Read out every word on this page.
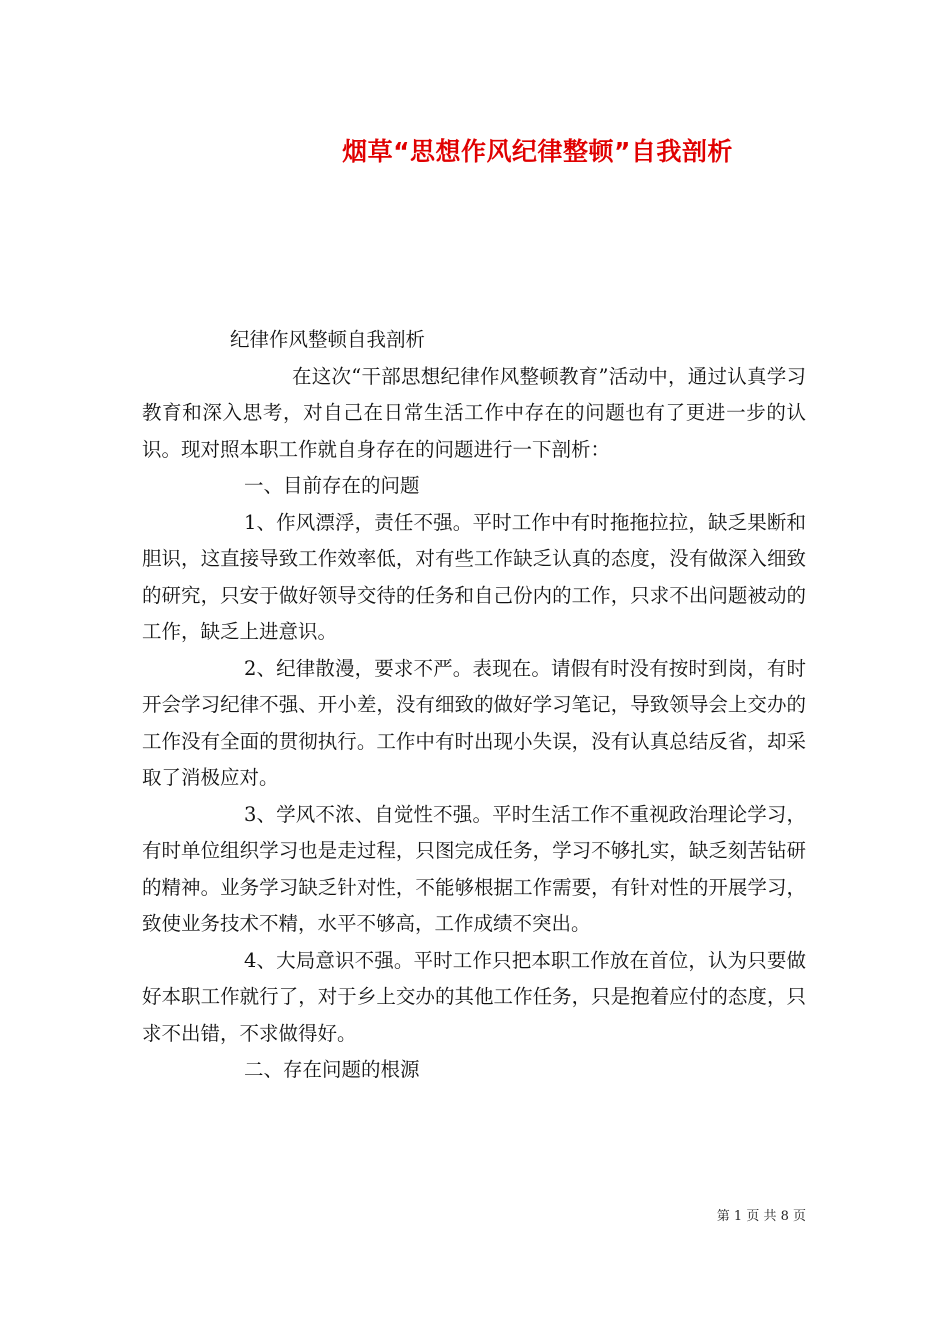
烟草“思想作风纪律整顿”自我剖析

纪律作风整顿自我剖析

在这次“干部思想纪律作风整顿教育”活动中，通过认真学习教育和深入思考，对自己在日常生活工作中存在的问题也有了更进一步的认识。现对照本职工作就自身存在的问题进行一下剖析：

一、目前存在的问题

1、作风漂浮，责任不强。平时工作中有时拖拖拉拉，缺乏果断和胆识，这直接导致工作效率低，对有些工作缺乏认真的态度，没有做深入细致的研究，只安于做好领导交待的任务和自己份内的工作，只求不出问题被动的工作，缺乏上进意识。

2、纪律散漫，要求不严。表现在。请假有时没有按时到岗，有时开会学习纪律不强、开小差，没有细致的做好学习笔记，导致领导会上交办的工作没有全面的贯彻执行。工作中有时出现小失误，没有认真总结反省，却采取了消极应对。

3、学风不浓、自觉性不强。平时生活工作不重视政治理论学习，有时单位组织学习也是走过程，只图完成任务，学习不够扎实，缺乏刻苦钻研的精神。业务学习缺乏针对性，不能够根据工作需要，有针对性的开展学习，致使业务技术不精，水平不够高，工作成绩不突出。

4、大局意识不强。平时工作只把本职工作放在首位，认为只要做好本职工作就行了，对于乡上交办的其他工作任务，只是抱着应付的态度，只求不出错，不求做得好。

二、存在问题的根源

第 1 页 共 8 页
